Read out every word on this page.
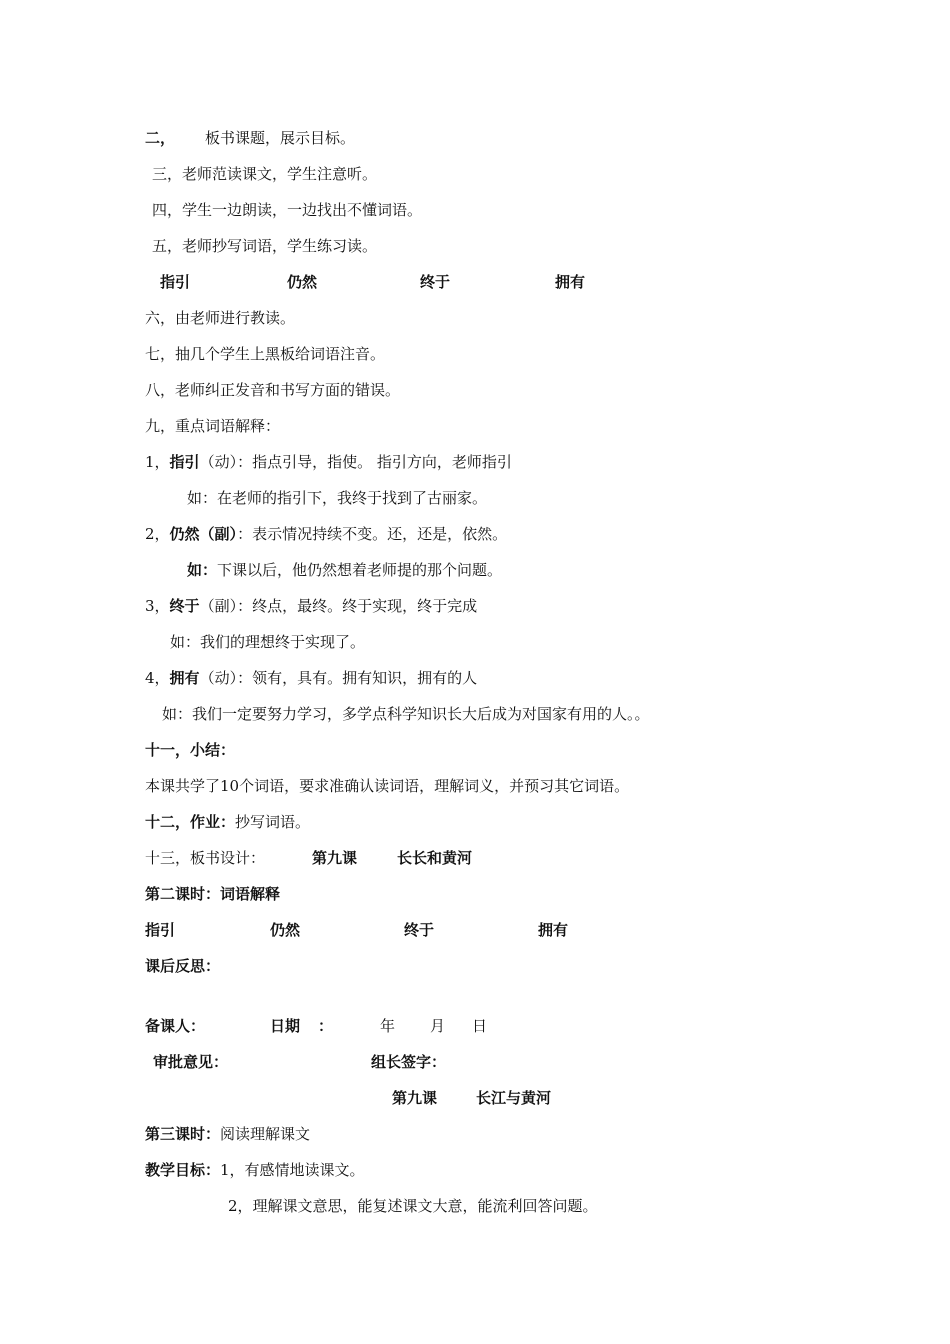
二， 板书课题，展示目标。
三，老师范读课文，学生注意听。
四，学生一边朗读，一边找出不懂词语。
五，老师抄写词语，学生练习读。
指引	仍然	终于	拥有
六，由老师进行教读。
七，抽几个学生上黑板给词语注音。
八，老师纠正发音和书写方面的错误。
九，重点词语解释：
1，指引（动）：指点引导，指使。 指引方向，老师指引
如：在老师的指引下，我终于找到了古丽家。
2，仍然（副）：表示情况持续不变。还，还是，依然。
如：下课以后，他仍然想着老师提的那个问题。
3，终于（副）：终点，最终。终于实现，终于完成
如：我们的理想终于实现了。
4，拥有（动）：领有，具有。拥有知识，拥有的人
如：我们一定要努力学习，多学点科学知识长大后成为对国家有用的人。。
十一，小结：
本课共学了10个词语，要求准确认读词语，理解词义，并预习其它词语。
十二，作业：抄写词语。
十三，板书设计：	第九课	长长和黄河
第二课时：词语解释
指引	仍然	终于	拥有
课后反思：
备课人：	日期 ：	年 月 日
审批意见：	组长签字：
第九课	长江与黄河
第三课时：阅读理解课文
教学目标：1，有感情地读课文。
2，理解课文意思，能复述课文大意，能流利回答问题。
